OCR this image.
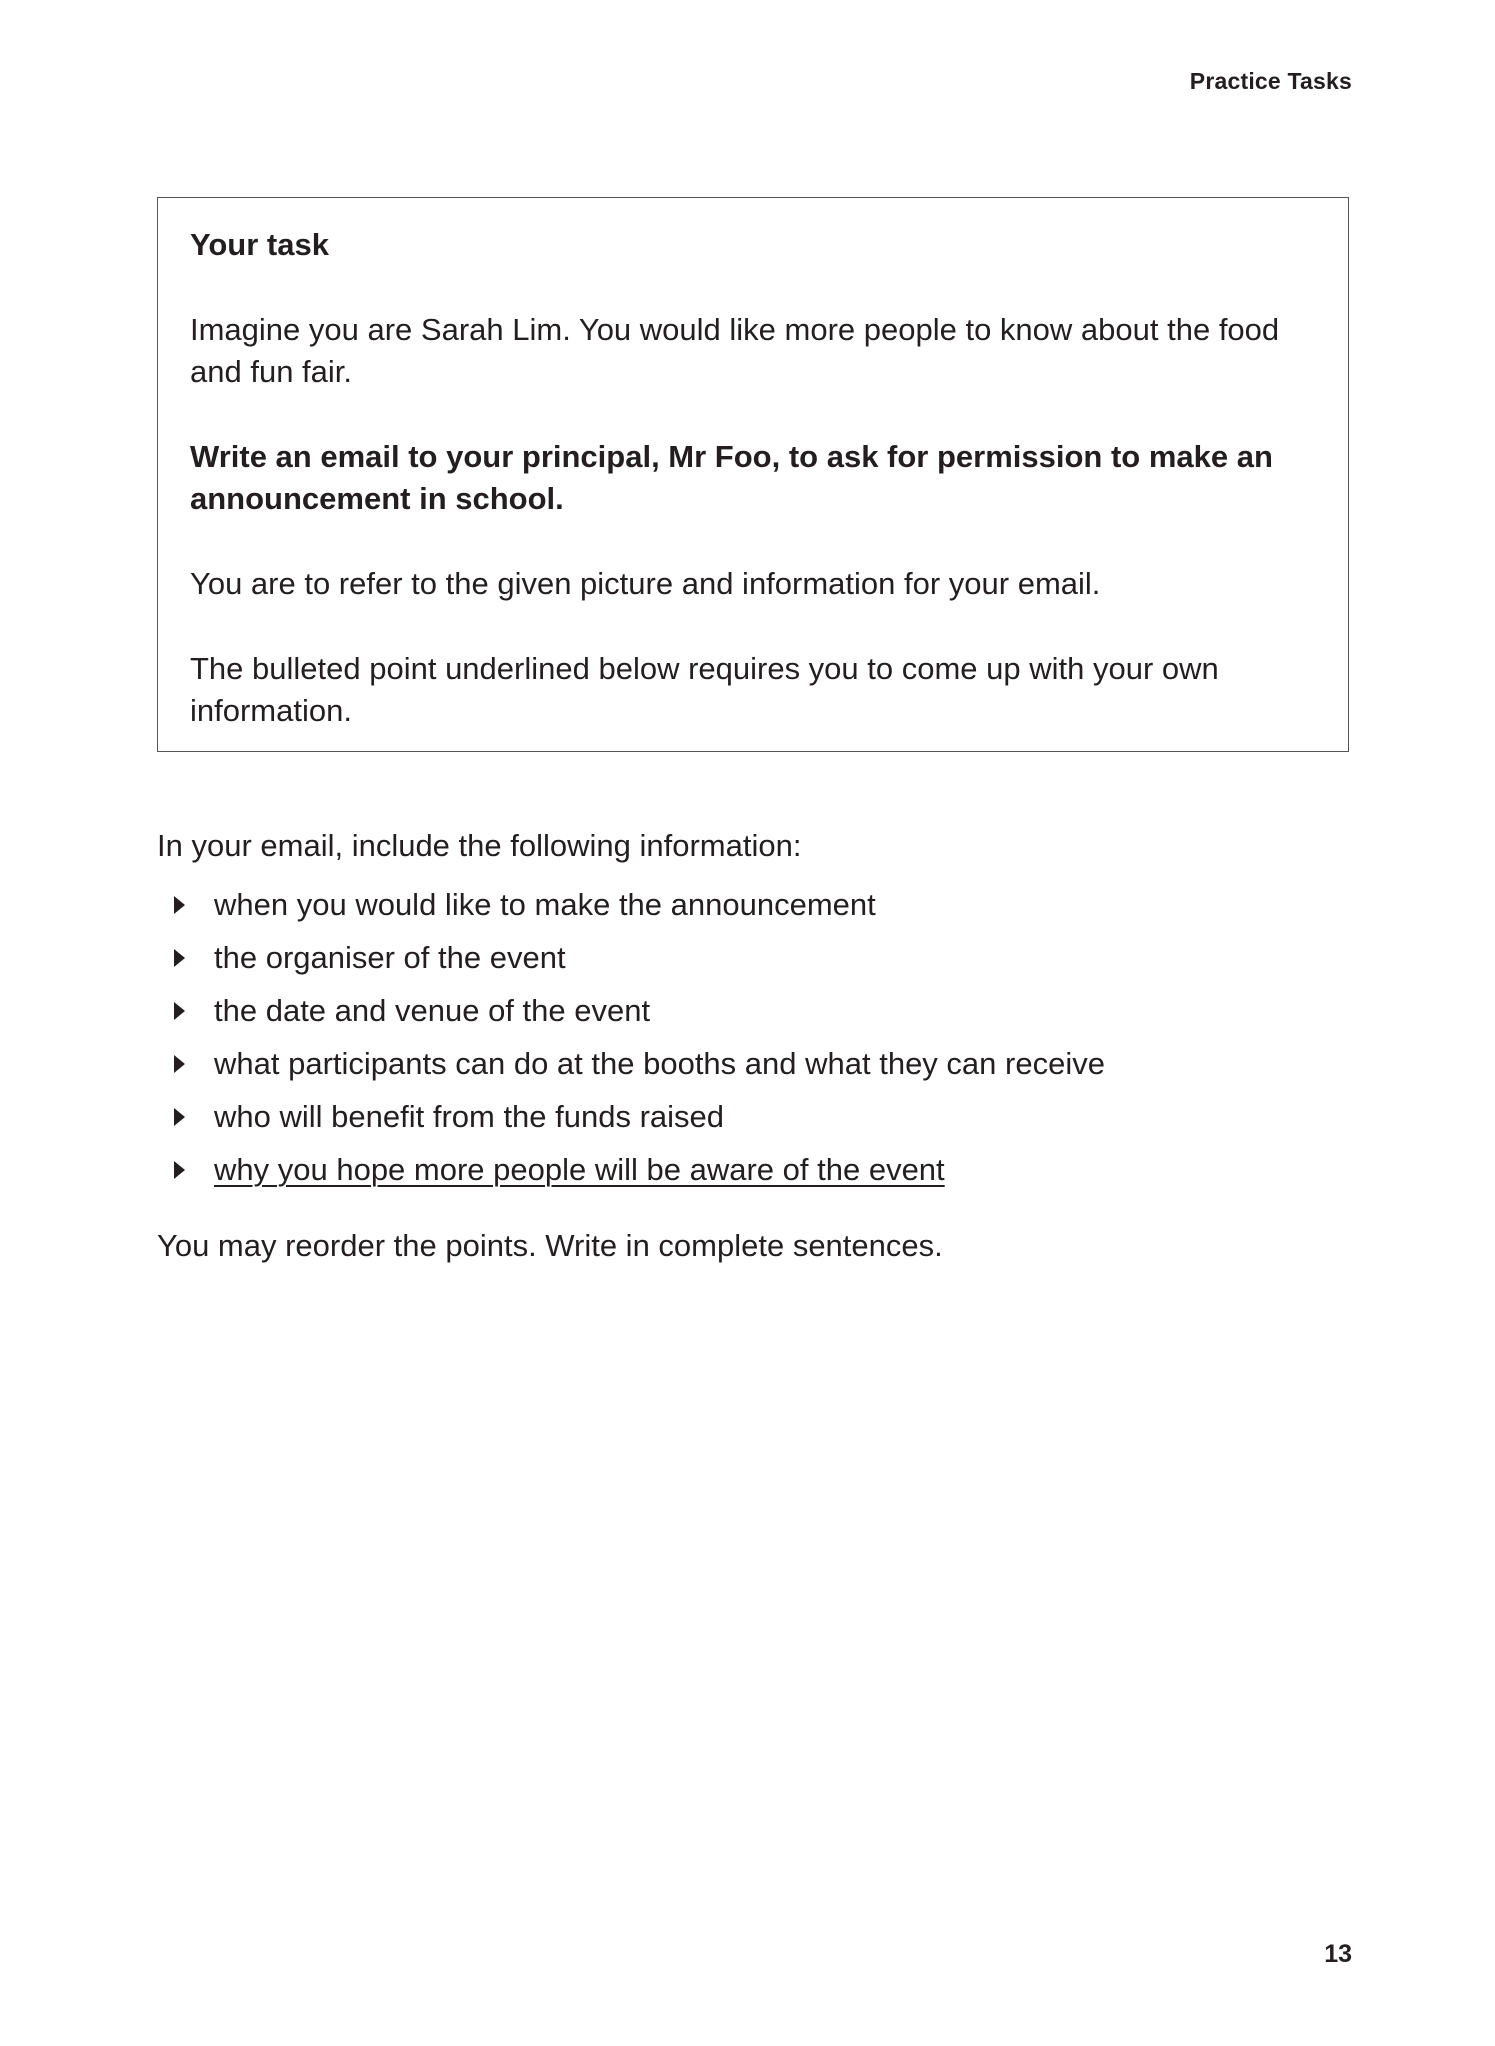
Practice Tasks
Your task

Imagine you are Sarah Lim. You would like more people to know about the food and fun fair.

Write an email to your principal, Mr Foo, to ask for permission to make an announcement in school.

You are to refer to the given picture and information for your email.

The bulleted point underlined below requires you to come up with your own information.

In your email, include the following information:

when you would like to make the announcement
the organiser of the event
the date and venue of the event
what participants can do at the booths and what they can receive
who will benefit from the funds raised
why you hope more people will be aware of the event

You may reorder the points. Write in complete sentences.

13
